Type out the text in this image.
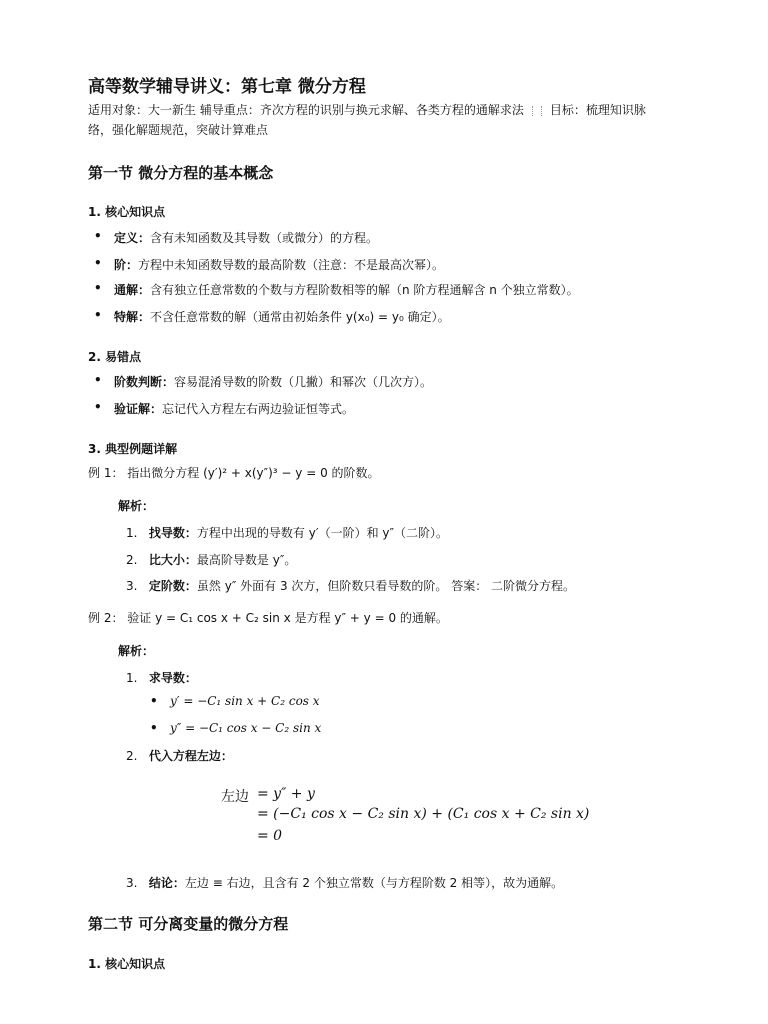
高等数学辅导讲义：第七章 微分方程
适用对象：大一新生 辅导重点：齐次方程的识别与换元求解、各类方程的通解求法 目标：梳理知识脉
络，强化解题规范，突破计算难点
第一节 微分方程的基本概念
1. 核心知识点
• 定义：含有未知函数及其导数（或微分）的方程。
• 阶：方程中未知函数导数的最高阶数（注意：不是最高次幂）。
• 通解：含有独立任意常数的个数与方程阶数相等的解（n 阶方程通解含 n 个独立常数）。
• 特解：不含任意常数的解（通常由初始条件 y(x₀) = y₀ 确定）。
2. 易错点
• 阶数判断：容易混淆导数的阶数（几撇）和幂次（几次方）。
• 验证解：忘记代入方程左右两边验证恒等式。
3. 典型例题详解
例 1： 指出微分方程 (y′)² + x(y″)³ − y = 0 的阶数。
解析：
1. 找导数：方程中出现的导数有 y′（一阶）和 y″（二阶）。
2. 比大小：最高阶导数是 y″。
3. 定阶数：虽然 y″ 外面有 3 次方，但阶数只看导数的阶。 答案： 二阶微分方程。
例 2： 验证 y = C₁ cos x + C₂ sin x 是方程 y″ + y = 0 的通解。
解析：
1. 求导数：
• y′ = −C₁ sin x + C₂ cos x
• y″ = −C₁ cos x − C₂ sin x
2. 代入方程左边：
左边 = y″ + y
= (−C₁ cos x − C₂ sin x) + (C₁ cos x + C₂ sin x)
= 0
3. 结论：左边 ≡ 右边，且含有 2 个独立常数（与方程阶数 2 相等），故为通解。
第二节 可分离变量的微分方程
1. 核心知识点
